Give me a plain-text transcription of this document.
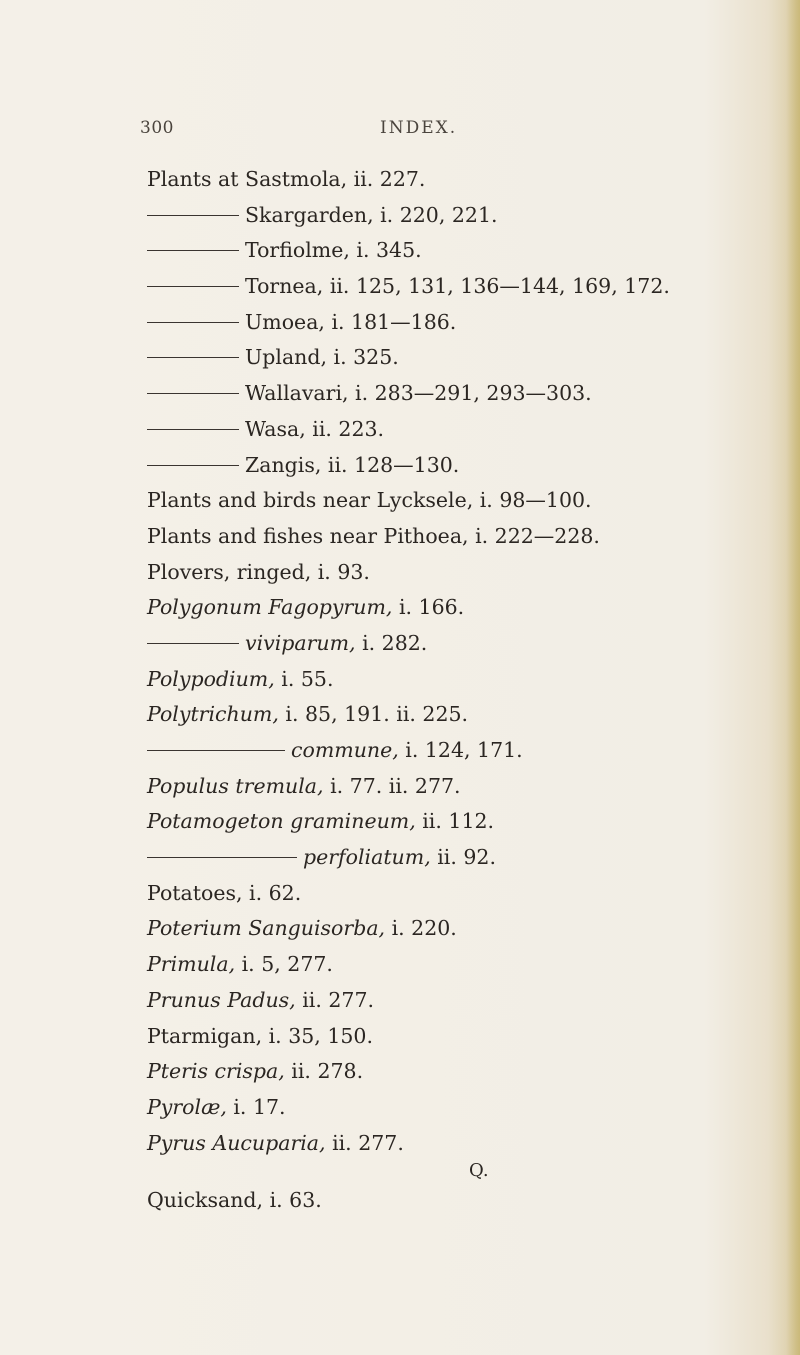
300	INDEX.
Plants at Sastmola, ii. 227.
Skargarden, i. 220, 221.
Torfiolme, i. 345.
Tornea, ii. 125, 131, 136—144, 169, 172.
Umoea, i. 181—186.
Upland, i. 325.
Wallavari, i. 283—291, 293—303.
Wasa, ii. 223.
Zangis, ii. 128—130.
Plants and birds near Lycksele, i. 98—100.
Plants and fishes near Pithoea, i. 222—228.
Plovers, ringed, i. 93.
Polygonum Fagopyrum, i. 166.
viviparum, i. 282.
Polypodium, i. 55.
Polytrichum, i. 85, 191. ii. 225.
commune, i. 124, 171.
Populus tremula, i. 77. ii. 277.
Potamogeton gramineum, ii. 112.
perfoliatum, ii. 92.
Potatoes, i. 62.
Poterium Sanguisorba, i. 220.
Primula, i. 5, 277.
Prunus Padus, ii. 277.
Ptarmigan, i. 35, 150.
Pteris crispa, ii. 278.
Pyrolæ, i. 17.
Pyrus Aucuparia, ii. 277.
Q.
Quicksand, i. 63.
